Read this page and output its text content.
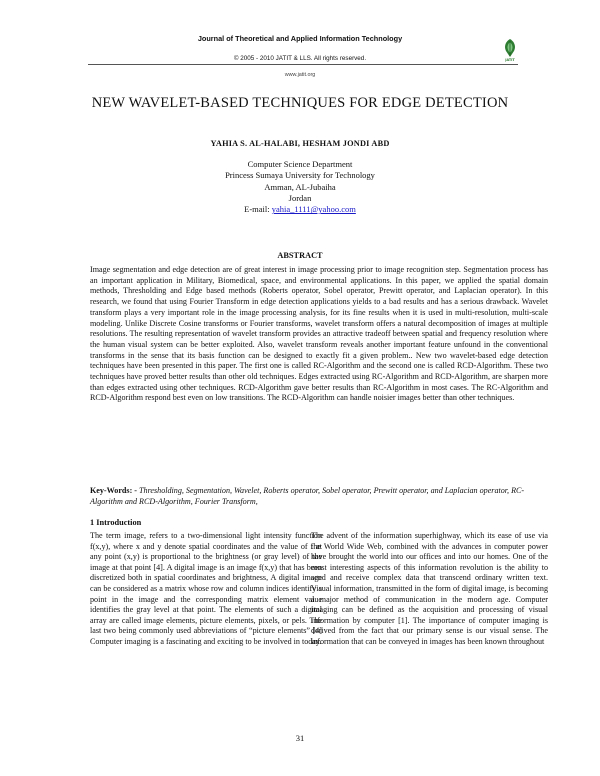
Journal of Theoretical and Applied Information Technology
© 2005 - 2010 JATIT & LLS. All rights reserved.
www.jatit.org
JATIT
NEW WAVELET-BASED TECHNIQUES FOR EDGE DETECTION
YAHIA S. AL-HALABI, HESHAM JONDI ABD
Computer Science Department
Princess Sumaya University for Technology
Amman, AL-Jubaiha
Jordan
E-mail: yahia_1111@yahoo.com
ABSTRACT

Image segmentation and edge detection are of great interest in image processing prior to image recognition step. Segmentation process has an important application in Military, Biomedical, space, and environmental applications. In this paper, we applied the spatial domain methods, Thresholding and Edge based methods (Roberts operator, Sobel operator, Prewitt operator, and Laplacian operator). In this research, we found that using Fourier Transform in edge detection applications yields to a bad results and has a serious drawback. Wavelet transform plays a very important role in the image processing analysis, for its fine results when it is used in multi-resolution, multi-scale modeling. Unlike Discrete Cosine transforms or Fourier transforms, wavelet transform offers a natural decomposition of images at multiple resolutions. The resulting representation of wavelet transform provides an attractive tradeoff between spatial and frequency resolution where the human visual system can be better exploited. Also, wavelet transform reveals another important feature unfound in the conventional transforms in the sense that its basis function can be designed to exactly fit a given problem.. New two wavelet-based edge detection techniques have been presented in this paper. The first one is called RC-Algorithm and the second one is called RCD-Algorithm. These two techniques have proved better results than other old techniques. Edges extracted using RC-Algorithm and RCD-Algorithm, are sharpen more than edges extracted using other techniques. RCD-Algorithm gave better results than RC-Algorithm in most cases. The RC-Algorithm and RCD-Algorithm respond best even on low transitions. The RCD-Algorithm can handle noisier images better than other techniques.

Key-Words: - Thresholding, Segmentation, Wavelet, Roberts operator, Sobel operator, Prewitt operator, and Laplacian operator, RC-Algorithm and RCD-Algorithm, Fourier Transform,

1 Introduction

The term image, refers to a two-dimensional light intensity function f(x,y), where x and y denote spatial coordinates and the value of f at any point (x,y) is proportional to the brightness (or gray level) of the image at that point [4]. A digital image is an image f(x,y) that has been discretized both in spatial coordinates and brightness, A digital image can be considered as a matrix whose row and column indices identify a point in the image and the corresponding matrix element value identifies the gray level at that point. The elements of such a digital array are called image elements, picture elements, pixels, or pels. The last two being commonly used abbreviations of “picture elements” [4] Computer imaging is a fascinating and exciting to be involved in today.

The advent of the information superhighway, which its ease of use via the World Wide Web, combined with the advances in computer power have brought the world into our offices and into our homes. One of the most interesting aspects of this information revolution is the ability to send and receive complex data that transcend ordinary written text. Visual information, transmitted in the form of digital image, is becoming a major method of communication in the modern age. Computer imaging can be defined as the acquisition and processing of visual information by computer [1]. The importance of computer imaging is derived from the fact that our primary sense is our visual sense. The information that can be conveyed in images has been known throughout

31
